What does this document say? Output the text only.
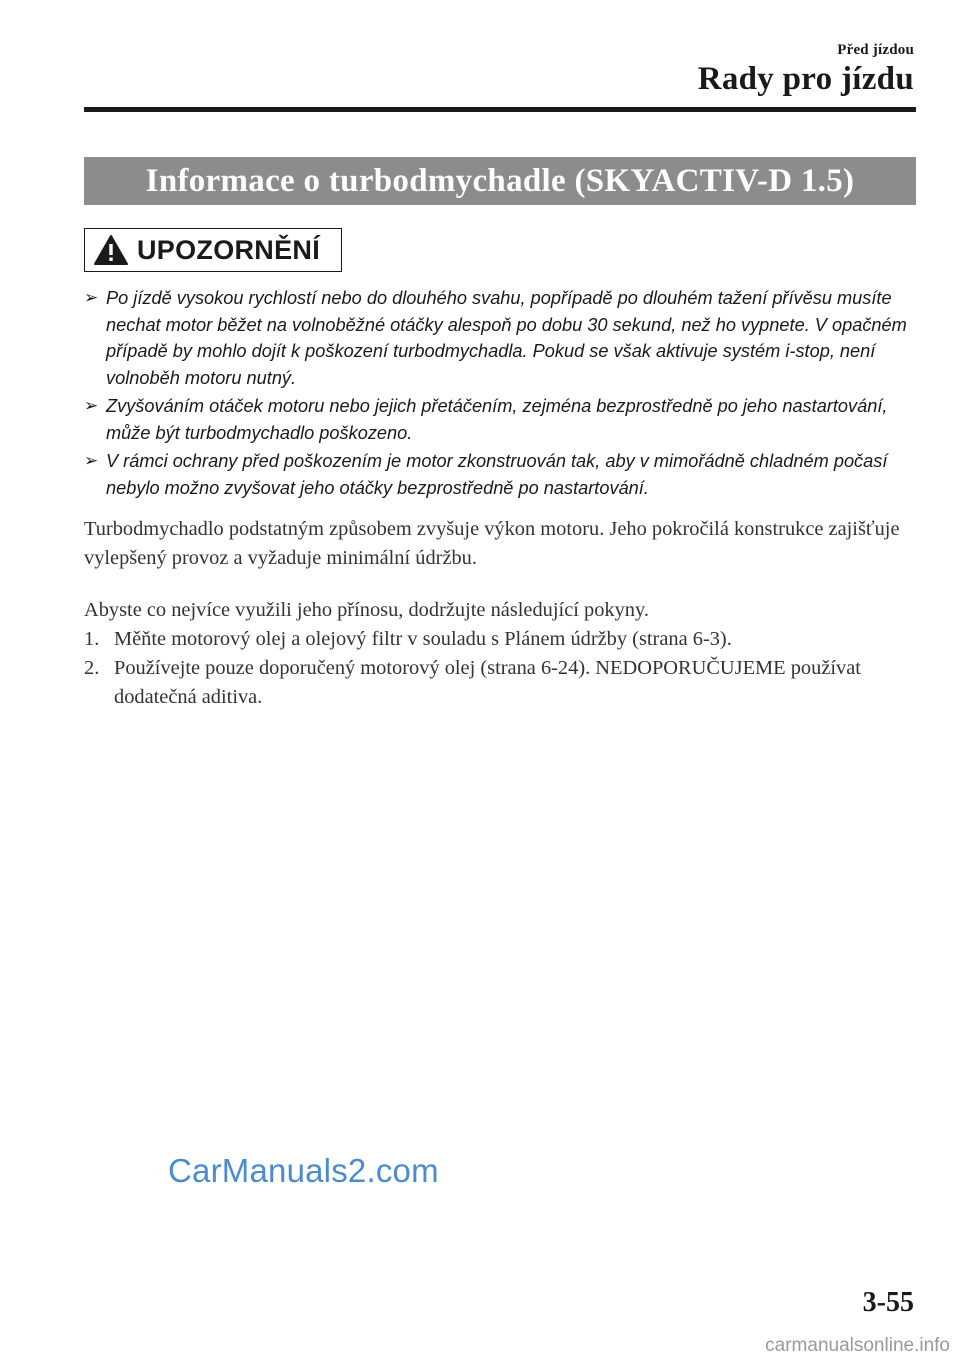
Před jízdou
Rady pro jízdu
Informace o turbodmychadle (SKYACTIV-D 1.5)
UPOZORNĚNÍ
➢ Po jízdě vysokou rychlostí nebo do dlouhého svahu, popřípadě po dlouhém tažení přívěsu musíte nechat motor běžet na volnoběžné otáčky alespoň po dobu 30 sekund, než ho vypnete. V opačném případě by mohlo dojít k poškození turbodmychadla. Pokud se však aktivuje systém i-stop, není volnoběh motoru nutný.
➢ Zvyšováním otáček motoru nebo jejich přetáčením, zejména bezprostředně po jeho nastartování, může být turbodmychadlo poškozeno.
➢ V rámci ochrany před poškozením je motor zkonstruován tak, aby v mimořádně chladném počasí nebylo možno zvyšovat jeho otáčky bezprostředně po nastartování.

Turbodmychadlo podstatným způsobem zvyšuje výkon motoru. Jeho pokročilá konstrukce zajišťuje vylepšený provoz a vyžaduje minimální údržbu.

Abyste co nejvíce využili jeho přínosu, dodržujte následující pokyny.

1. Měňte motorový olej a olejový filtr v souladu s Plánem údržby (strana 6-3).
2. Používejte pouze doporučený motorový olej (strana 6-24). NEDOPORUČUJEME používat dodatečná aditiva.
CarManuals2.com
3-55
carmanualsonline.info
